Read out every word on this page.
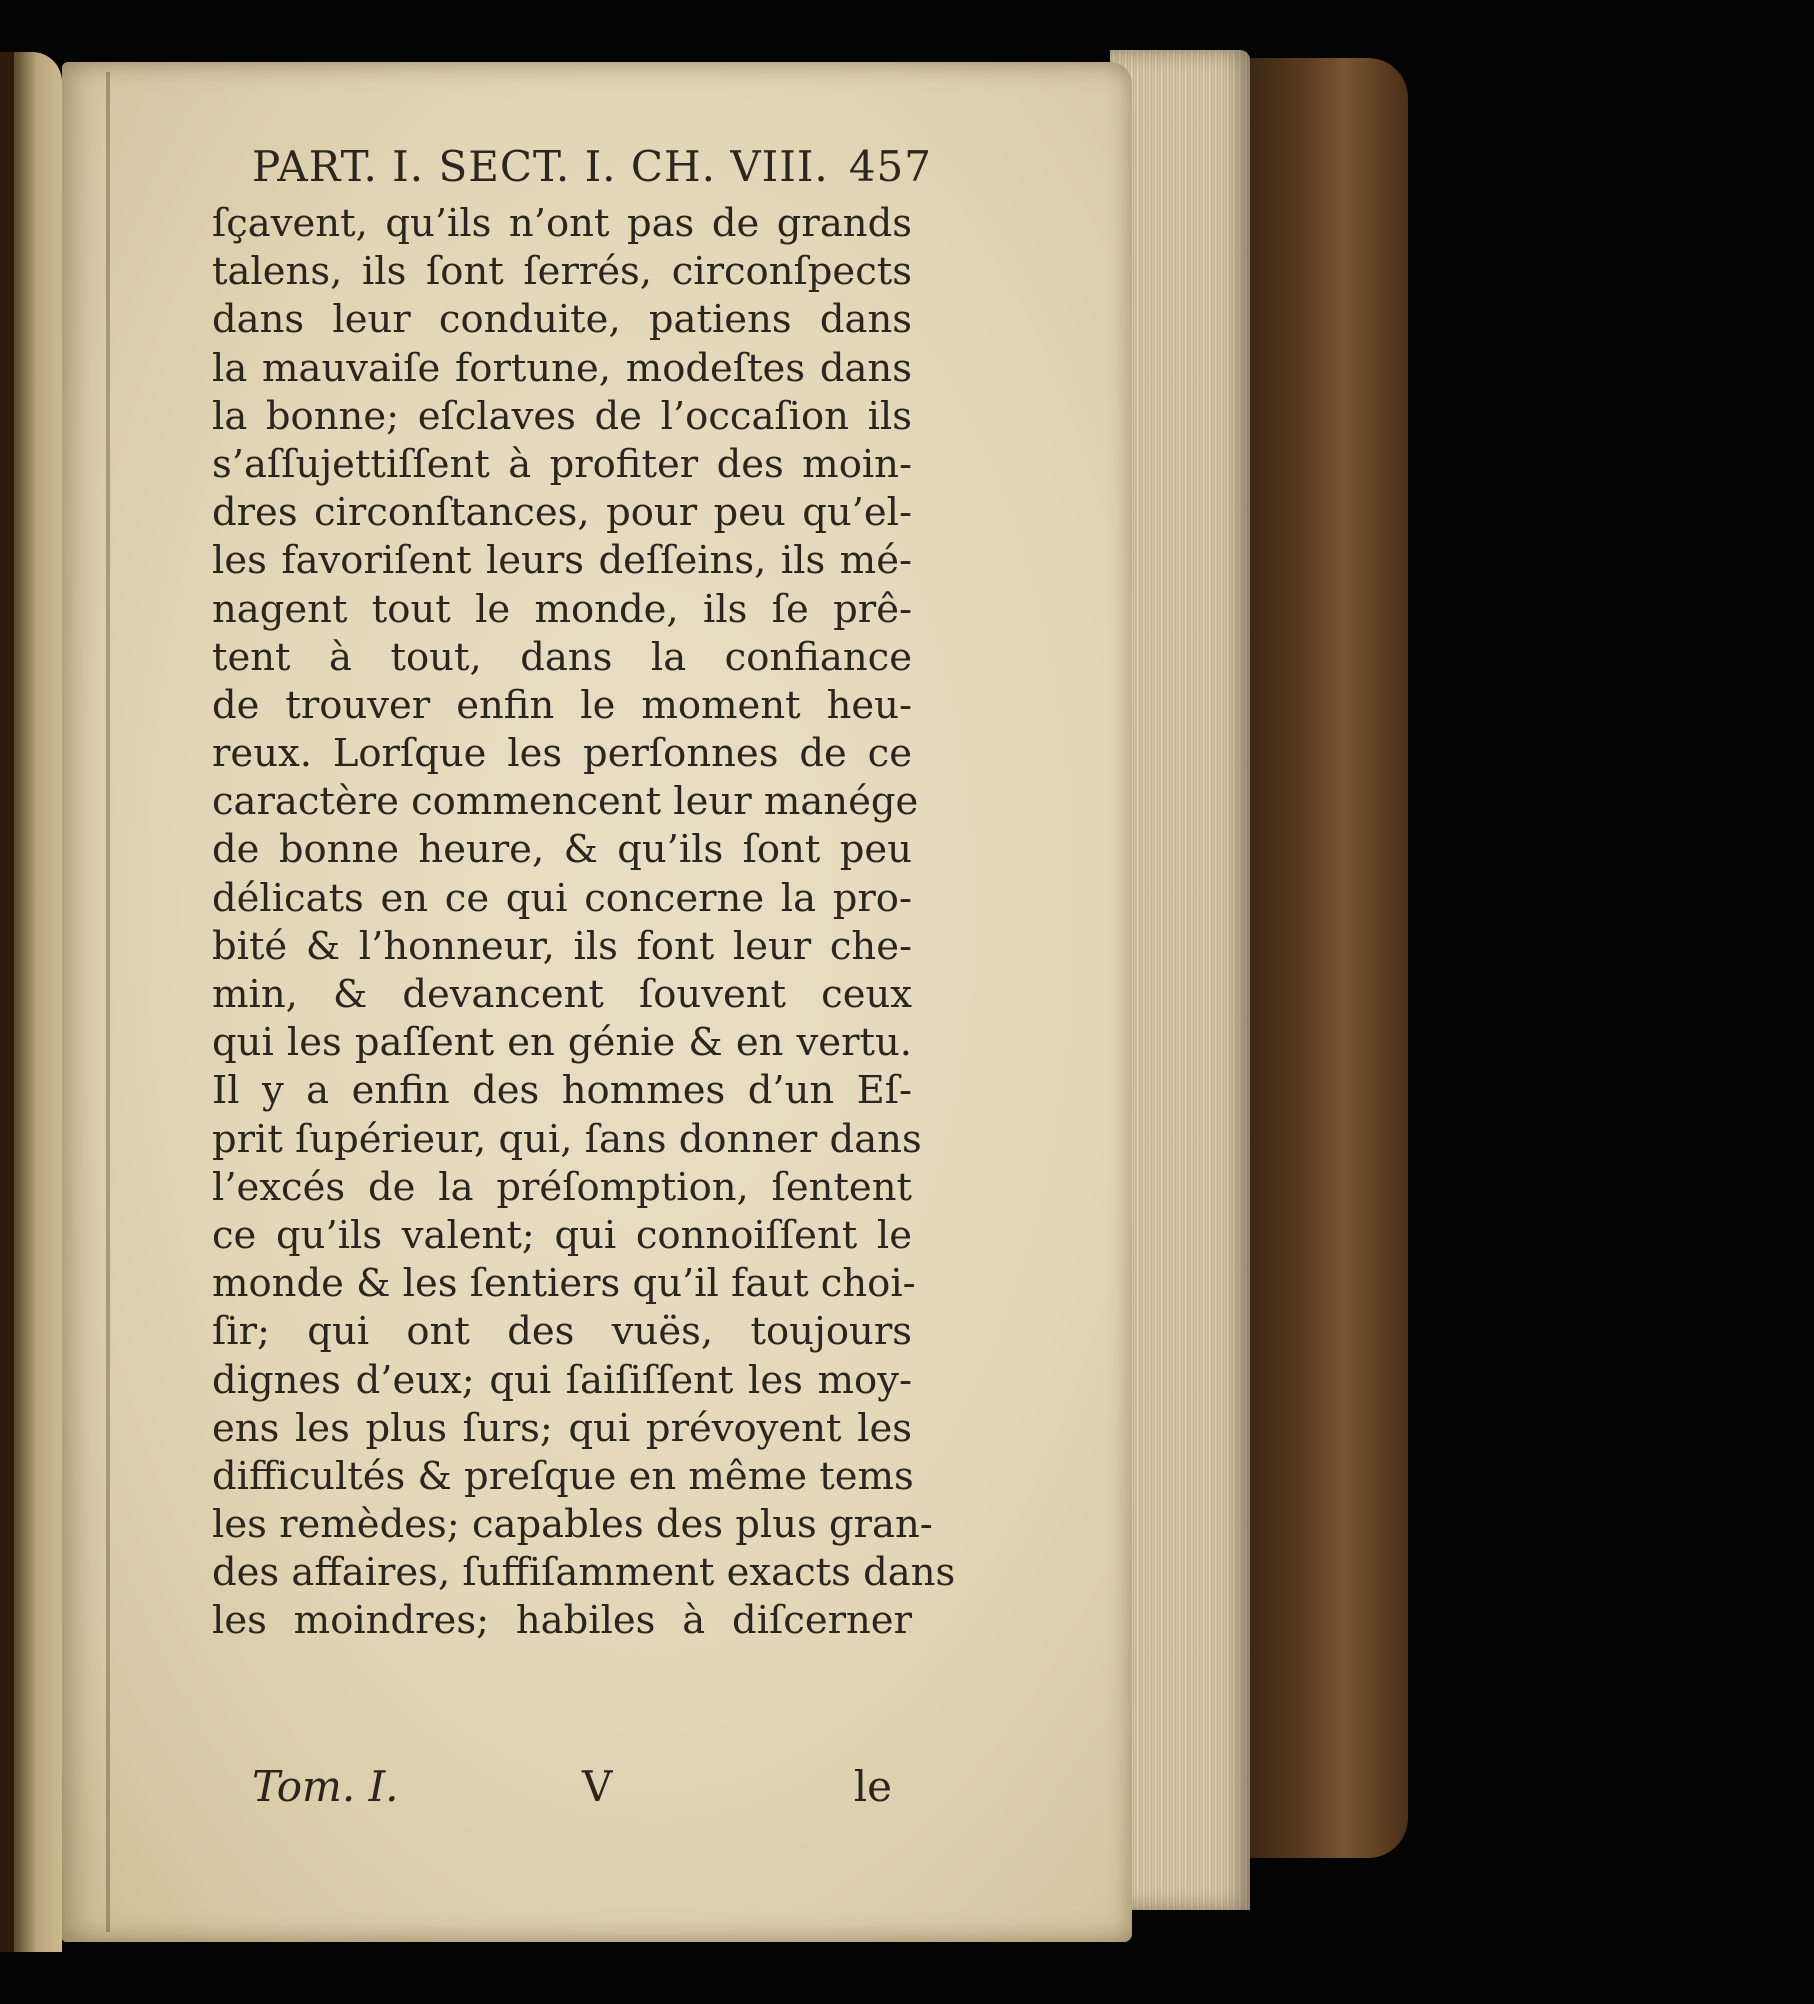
PART. I. SECT. I. CH. VIII. 457
ſçavent, qu’ils n’ont pas de grands
talens, ils ſont ſerrés, circonſpects
dans leur conduite, patiens dans
la mauvaiſe fortune, modeſtes dans
la bonne; eſclaves de l’occaſion ils
s’aſſujettiſſent à profiter des moin-
dres circonſtances, pour peu qu’el-
les favoriſent leurs deſſeins, ils mé-
nagent tout le monde, ils ſe prê-
tent à tout, dans la confiance
de trouver enfin le moment heu-
reux. Lorſque les perſonnes de ce
caractère commencent leur manége
de bonne heure, & qu’ils ſont peu
délicats en ce qui concerne la pro-
bité & l’honneur, ils font leur che-
min, & devancent ſouvent ceux
qui les paſſent en génie & en vertu.
Il y a enfin des hommes d’un Eſ-
prit ſupérieur, qui, ſans donner dans
l’excés de la préſomption, ſentent
ce qu’ils valent; qui connoiſſent le
monde & les ſentiers qu’il faut choi-
ſir; qui ont des vuës, toujours
dignes d’eux; qui ſaiſiſſent les moy-
ens les plus ſurs; qui prévoyent les
difficultés & preſque en même tems
les remèdes; capables des plus gran-
des affaires, ſuffiſamment exacts dans
les moindres; habiles à diſcerner
Tom. I.	V	le
